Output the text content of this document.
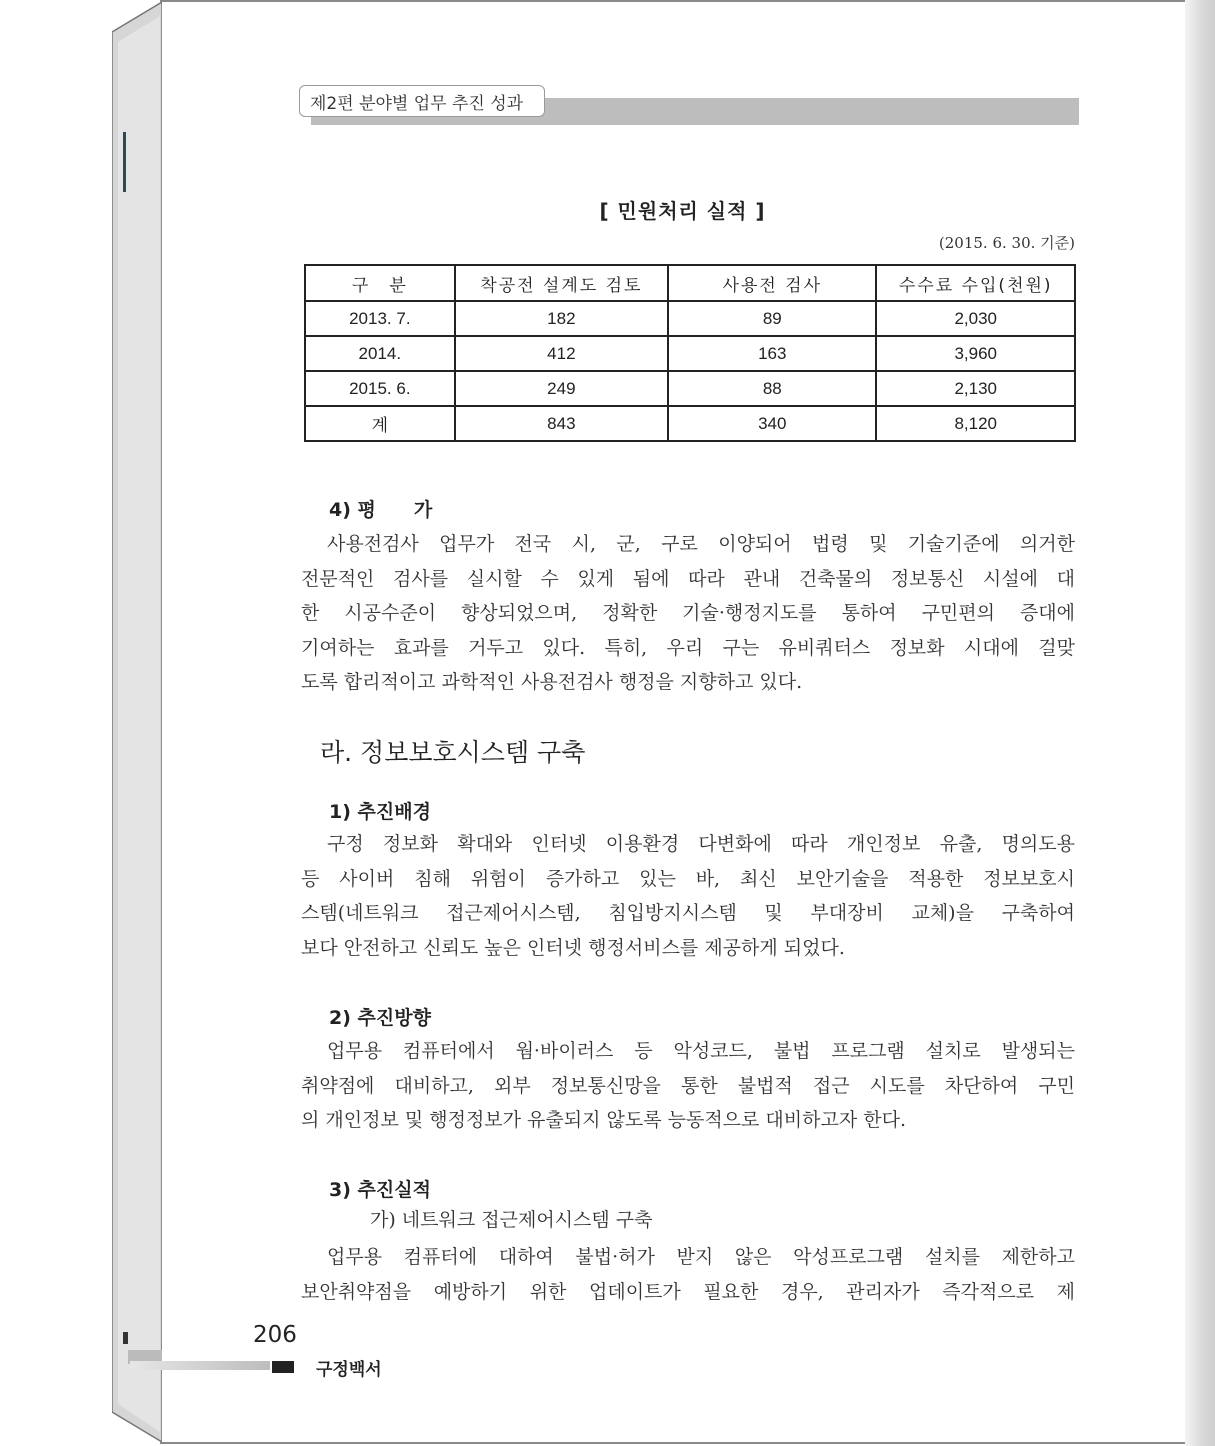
제2편 분야별 업무 추진 성과
[ 민원처리 실적 ]
(2015. 6. 30. 기준)
구　분	착공전 설계도 검토	사용전 검사	수수료 수입(천원)
2013. 7.	182	89	2,030
2014.	412	163	3,960
2015. 6.	249	88	2,130
계	843	340	8,120
4) 평　　가
사용전검사 업무가 전국 시, 군, 구로 이양되어 법령 및 기술기준에 의거한
전문적인 검사를 실시할 수 있게 됨에 따라 관내 건축물의 정보통신 시설에 대
한 시공수준이 향상되었으며, 정확한 기술·행정지도를 통하여 구민편의 증대에
기여하는 효과를 거두고 있다. 특히, 우리 구는 유비쿼터스 정보화 시대에 걸맞
도록 합리적이고 과학적인 사용전검사 행정을 지향하고 있다.
라. 정보보호시스템 구축
1) 추진배경
구정 정보화 확대와 인터넷 이용환경 다변화에 따라 개인정보 유출, 명의도용
등 사이버 침해 위험이 증가하고 있는 바, 최신 보안기술을 적용한 정보보호시
스템(네트워크 접근제어시스템, 침입방지시스템 및 부대장비 교체)을 구축하여
보다 안전하고 신뢰도 높은 인터넷 행정서비스를 제공하게 되었다.
2) 추진방향
업무용 컴퓨터에서 웜·바이러스 등 악성코드, 불법 프로그램 설치로 발생되는
취약점에 대비하고, 외부 정보통신망을 통한 불법적 접근 시도를 차단하여 구민
의 개인정보 및 행정정보가 유출되지 않도록 능동적으로 대비하고자 한다.
3) 추진실적
가) 네트워크 접근제어시스템 구축
업무용 컴퓨터에 대하여 불법·허가 받지 않은 악성프로그램 설치를 제한하고
보안취약점을 예방하기 위한 업데이트가 필요한 경우, 관리자가 즉각적으로 제
206
구정백서
